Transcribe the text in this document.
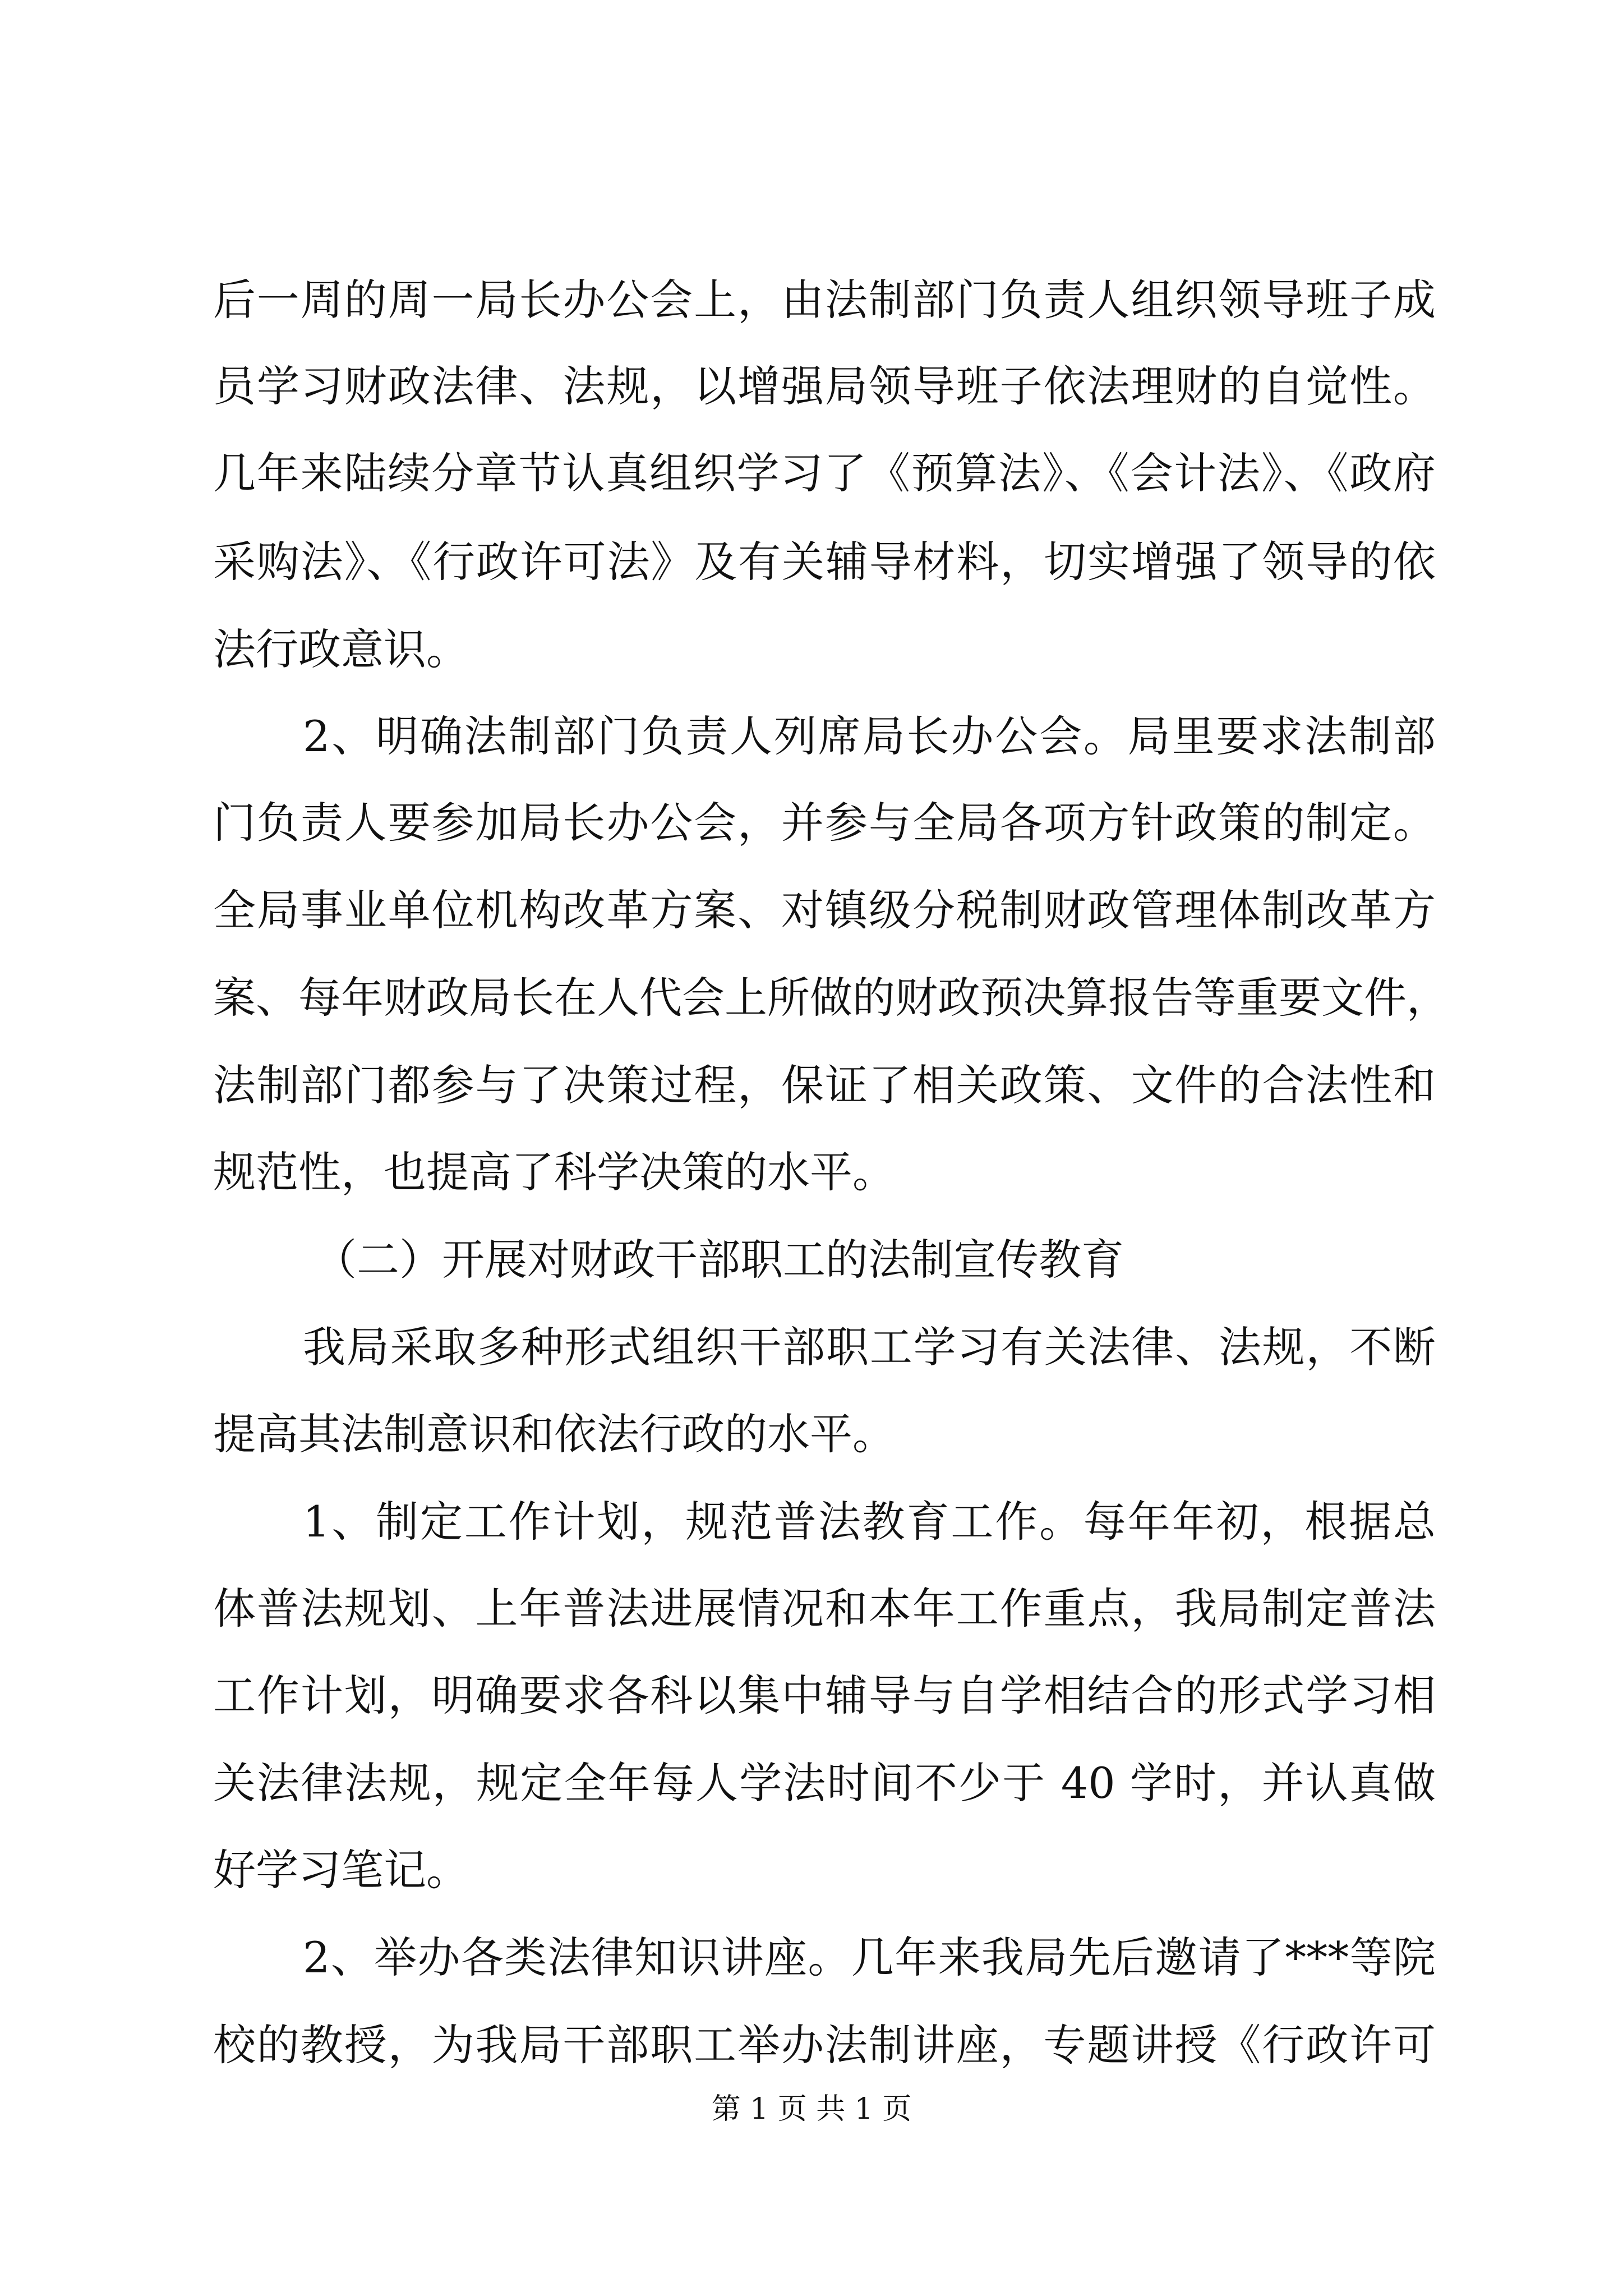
后一周的周一局长办公会上，由法制部门负责人组织领导班子成

员学习财政法律、法规，以增强局领导班子依法理财的自觉性。

几年来陆续分章节认真组织学习了《预算法》、《会计法》、《政府

采购法》、《行政许可法》及有关辅导材料，切实增强了领导的依

法行政意识。

2、明确法制部门负责人列席局长办公会。局里要求法制部

门负责人要参加局长办公会，并参与全局各项方针政策的制定。

全局事业单位机构改革方案、对镇级分税制财政管理体制改革方

案、每年财政局长在人代会上所做的财政预决算报告等重要文件，

法制部门都参与了决策过程，保证了相关政策、文件的合法性和

规范性，也提高了科学决策的水平。

（二）开展对财政干部职工的法制宣传教育

我局采取多种形式组织干部职工学习有关法律、法规，不断

提高其法制意识和依法行政的水平。

1、制定工作计划，规范普法教育工作。每年年初，根据总

体普法规划、上年普法进展情况和本年工作重点，我局制定普法

工作计划，明确要求各科以集中辅导与自学相结合的形式学习相

关法律法规，规定全年每人学法时间不少于 40 学时，并认真做

好学习笔记。

2、举办各类法律知识讲座。几年来我局先后邀请了***等院

校的教授，为我局干部职工举办法制讲座，专题讲授《行政许可

第 1 页 共 1 页
